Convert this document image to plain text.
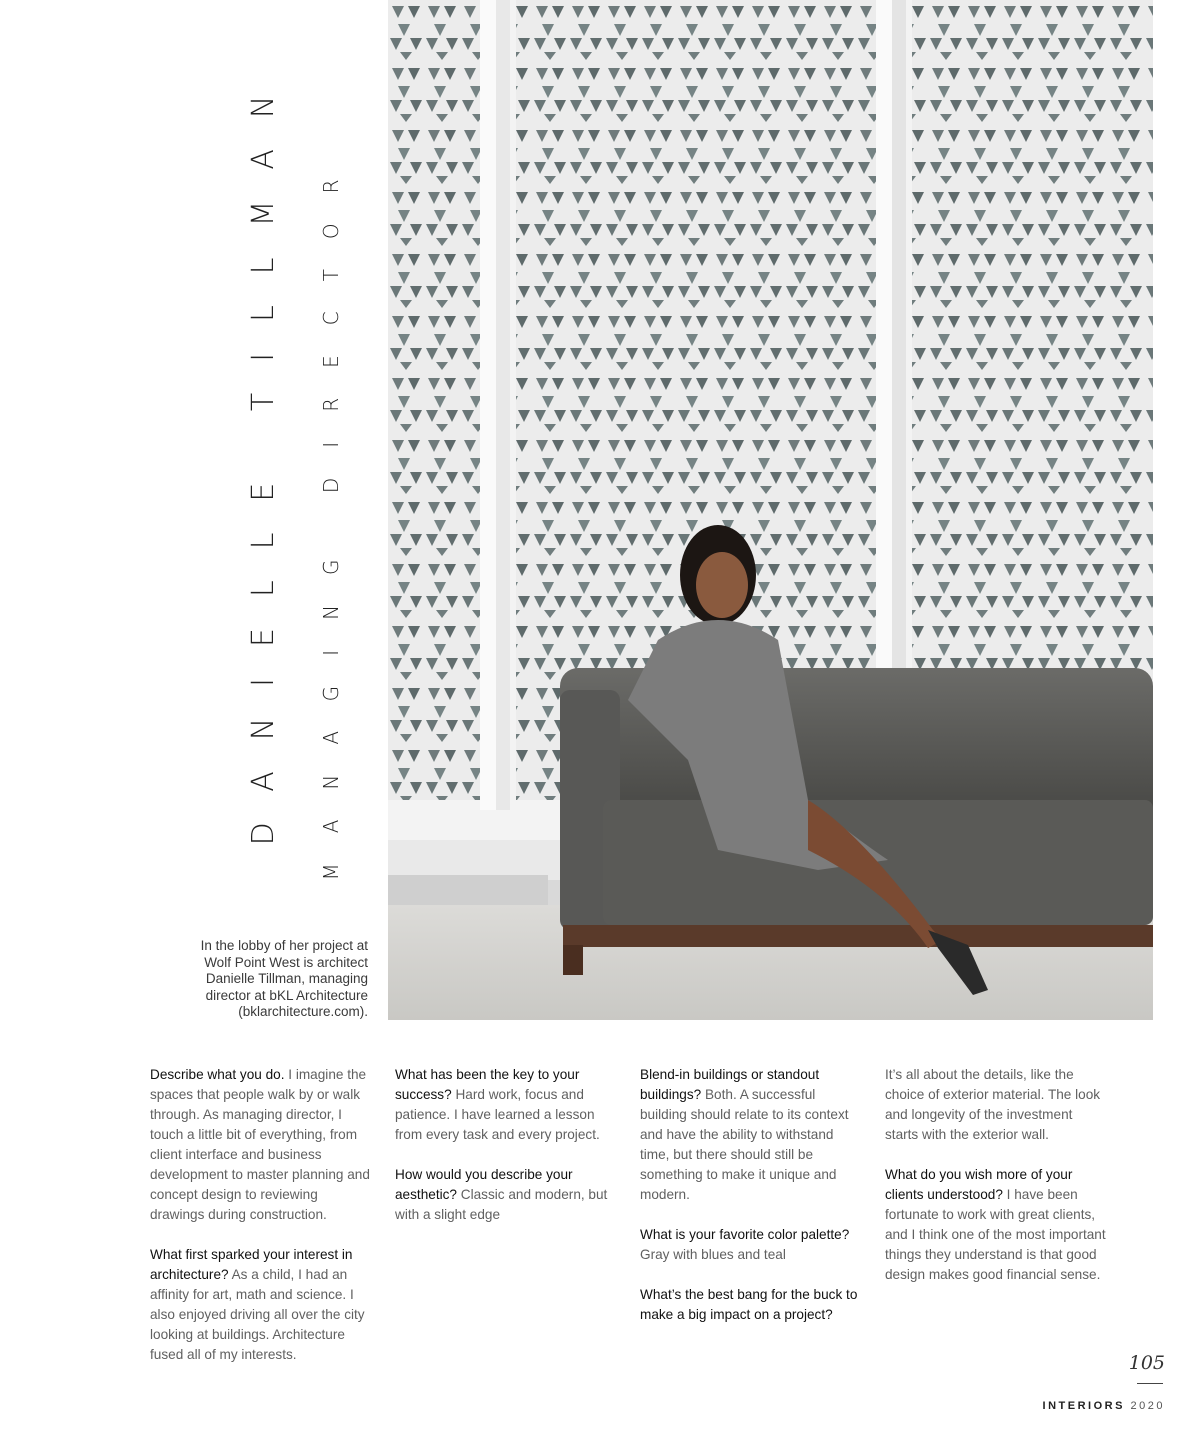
DANIELLE TILLMAN MANAGING DIRECTOR
In the lobby of her project at Wolf Point West is architect Danielle Tillman, managing director at bKL Architecture (bklarchitecture.com).

Describe what you do. I imagine the spaces that people walk by or walk through. As managing director, I touch a little bit of everything, from client interface and business development to master planning and concept design to reviewing drawings during construction.

What first sparked your interest in architecture? As a child, I had an affinity for art, math and science. I also enjoyed driving all over the city looking at buildings. Architecture fused all of my interests.

What has been the key to your success? Hard work, focus and patience. I have learned a lesson from every task and every project.

How would you describe your aesthetic? Classic and modern, but with a slight edge

Blend-in buildings or standout buildings? Both. A successful building should relate to its context and have the ability to withstand time, but there should still be something to make it unique and modern.

What is your favorite color palette? Gray with blues and teal

What’s the best bang for the buck to make a big impact on a project?

It’s all about the details, like the choice of exterior material. The look and longevity of the investment starts with the exterior wall.

What do you wish more of your clients understood? I have been fortunate to work with great clients, and I think one of the most important things they understand is that good design makes good financial sense.

105
INTERIORS 2020
